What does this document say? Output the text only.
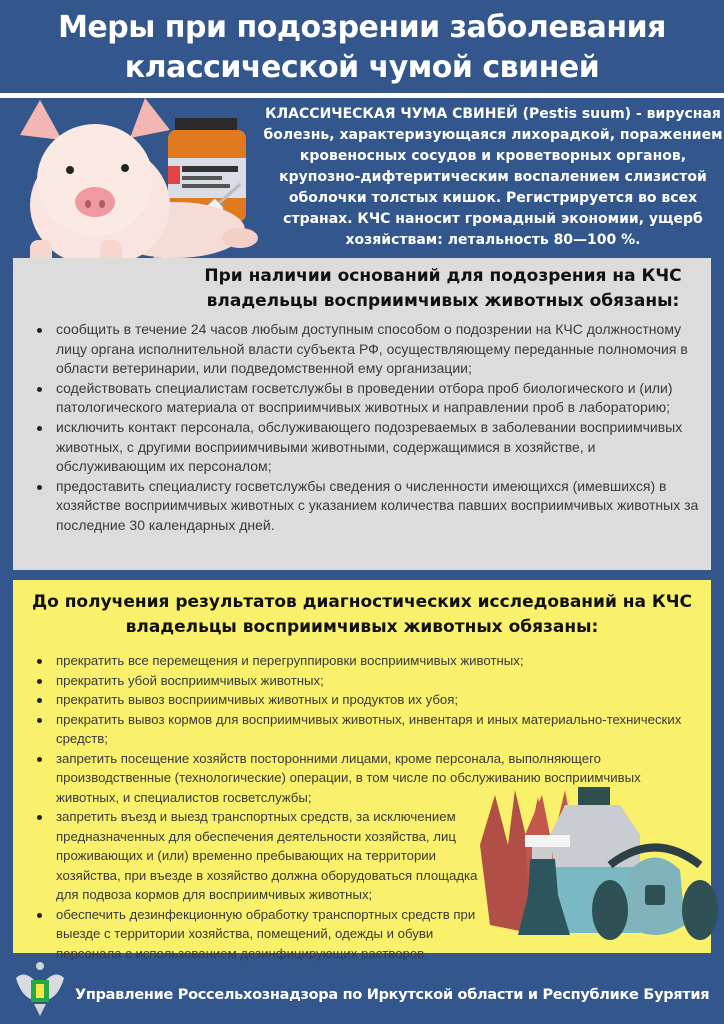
Меры при подозрении заболевания
классической чумой свиней
КЛАССИЧЕСКАЯ ЧУМА СВИНЕЙ (Pestis suum) - вирусная болезнь, характеризующаяся лихорадкой, поражением кровеносных сосудов и кроветворных органов, крупозно-дифтеритическим воспалением слизистой оболочки толстых кишок. Регистрируется во всех странах. КЧС наносит громадный экономии, ущерб хозяйствам: летальность 80—100 %.
При наличии оснований для подозрения на КЧС
владельцы восприимчивых животных обязаны:
сообщить в течение 24 часов любым доступным способом о подозрении на КЧС должностному лицу органа исполнительной власти субъекта РФ, осуществляющему переданные полномочия в области ветеринарии, или подведомственной ему организации;
содействовать специалистам госветслужбы в проведении отбора проб биологического и (или) патологического материала от восприимчивых животных и направлении проб в лабораторию;
исключить контакт персонала, обслуживающего подозреваемых в заболевании восприимчивых животных, с другими восприимчивыми животными, содержащимися в хозяйстве, и обслуживающим их персоналом;
предоставить специалисту госветслужбы сведения о численности имеющихся (имевшихся) в хозяйстве восприимчивых животных с указанием количества павших восприимчивых животных за последние 30 календарных дней.
До получения результатов диагностических исследований на КЧС
владельцы восприимчивых животных обязаны:
прекратить все перемещения и перегруппировки восприимчивых животных;
прекратить убой восприимчивых животных;
прекратить вывоз восприимчивых животных и продуктов их убоя;
прекратить вывоз кормов для восприимчивых животных, инвентаря и иных материально-технических средств;
запретить посещение хозяйств посторонними лицами, кроме персонала, выполняющего производственные (технологические) операции, в том числе по обслуживанию восприимчивых животных, и специалистов госветслужбы;
запретить въезд и выезд транспортных средств, за исключением предназначенных для обеспечения деятельности хозяйства, лиц проживающих и (или) временно пребывающих на территории хозяйства, при въезде в хозяйство должна оборудоваться площадка для подвоза кормов для восприимчивых животных;
обеспечить дезинфекционную обработку транспортных средств при выезде с территории хозяйства, помещений, одежды и обуви персонала с использованием дезинфицирующих растворов.
Управление Россельхознадзора по Иркутской области и Республике Бурятия
